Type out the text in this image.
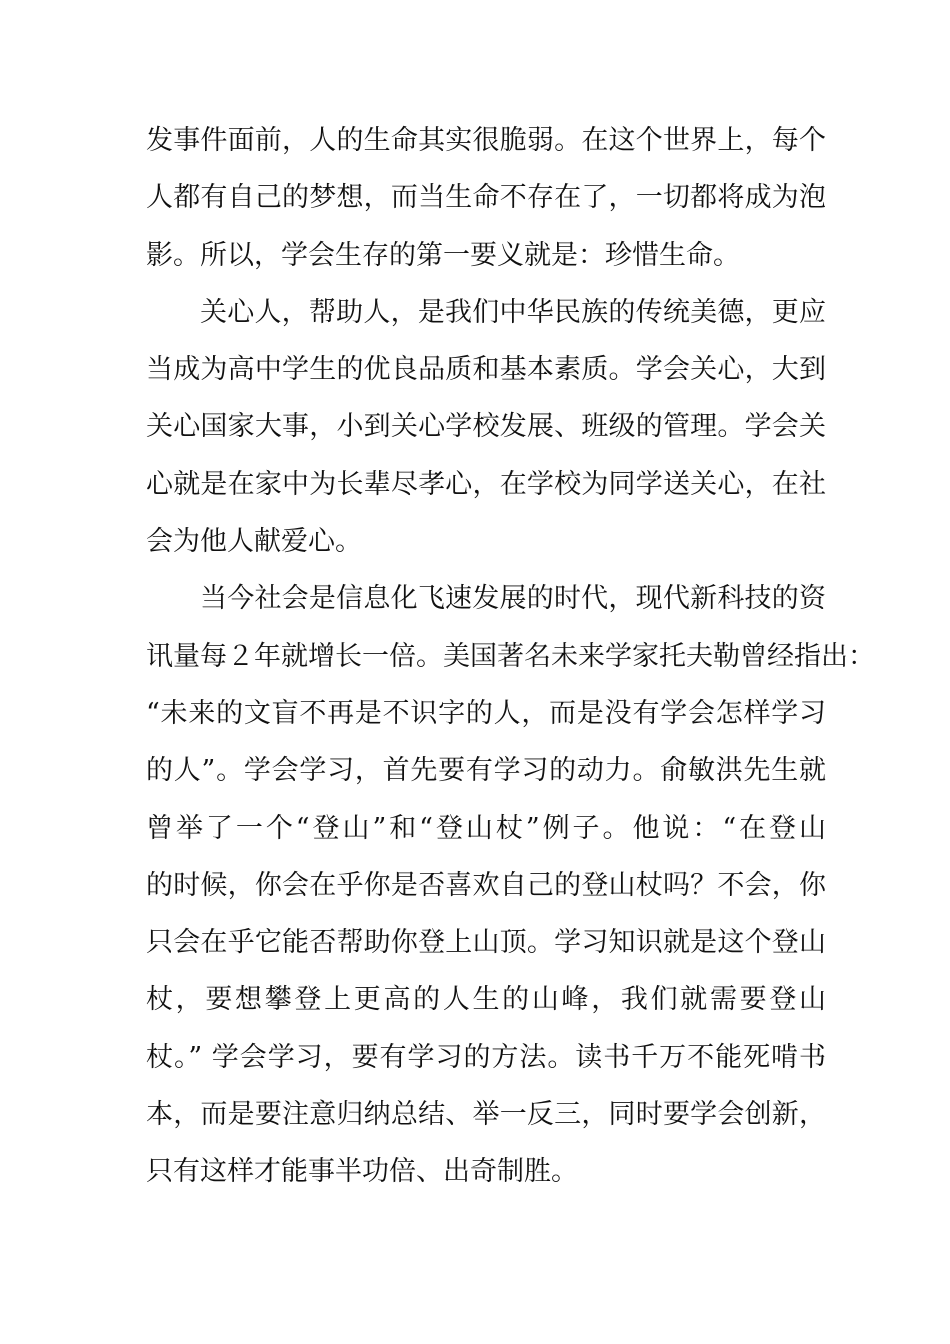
发事件面前，人的生命其实很脆弱。在这个世界上，每个
人都有自己的梦想，而当生命不存在了，一切都将成为泡
影。所以，学会生存的第一要义就是：珍惜生命。
关心人，帮助人，是我们中华民族的传统美德，更应
当成为高中学生的优良品质和基本素质。学会关心，大到
关心国家大事，小到关心学校发展、班级的管理。学会关
心就是在家中为长辈尽孝心，在学校为同学送关心，在社
会为他人献爱心。
当今社会是信息化飞速发展的时代，现代新科技的资
讯量每２年就增长一倍。美国著名未来学家托夫勒曾经指出：
“未来的文盲不再是不识字的人，而是没有学会怎样学习
的人”。学会学习，首先要有学习的动力。俞敏洪先生就
曾举了一个“登山”和“登山杖”例子。他说：“在登山
的时候，你会在乎你是否喜欢自己的登山杖吗？不会，你
只会在乎它能否帮助你登上山顶。学习知识就是这个登山
杖，要想攀登上更高的人生的山峰，我们就需要登山
杖。” 学会学习，要有学习的方法。读书千万不能死啃书
本，而是要注意归纳总结、举一反三，同时要学会创新，
只有这样才能事半功倍、出奇制胜。
